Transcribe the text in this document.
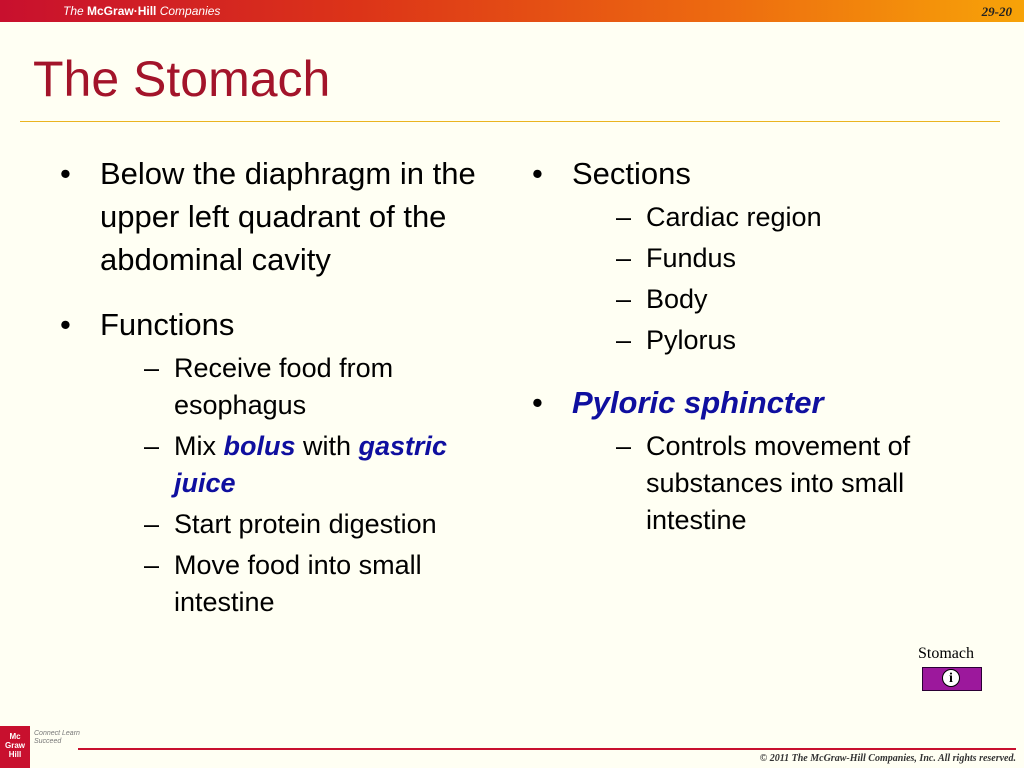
The McGraw·Hill Companies	29-20
The Stomach
• Below the diaphragm in the upper left quadrant of the abdominal cavity
• Functions
– Receive food from esophagus
– Mix bolus with gastric juice
– Start protein digestion
– Move food into small intestine
• Sections
– Cardiac region
– Fundus
– Body
– Pylorus
• Pyloric sphincter
– Controls movement of substances into small intestine
Stomach
i
Mc
Graw
Hill
Connect Learn Succeed
© 2011 The McGraw-Hill Companies, Inc. All rights reserved.
